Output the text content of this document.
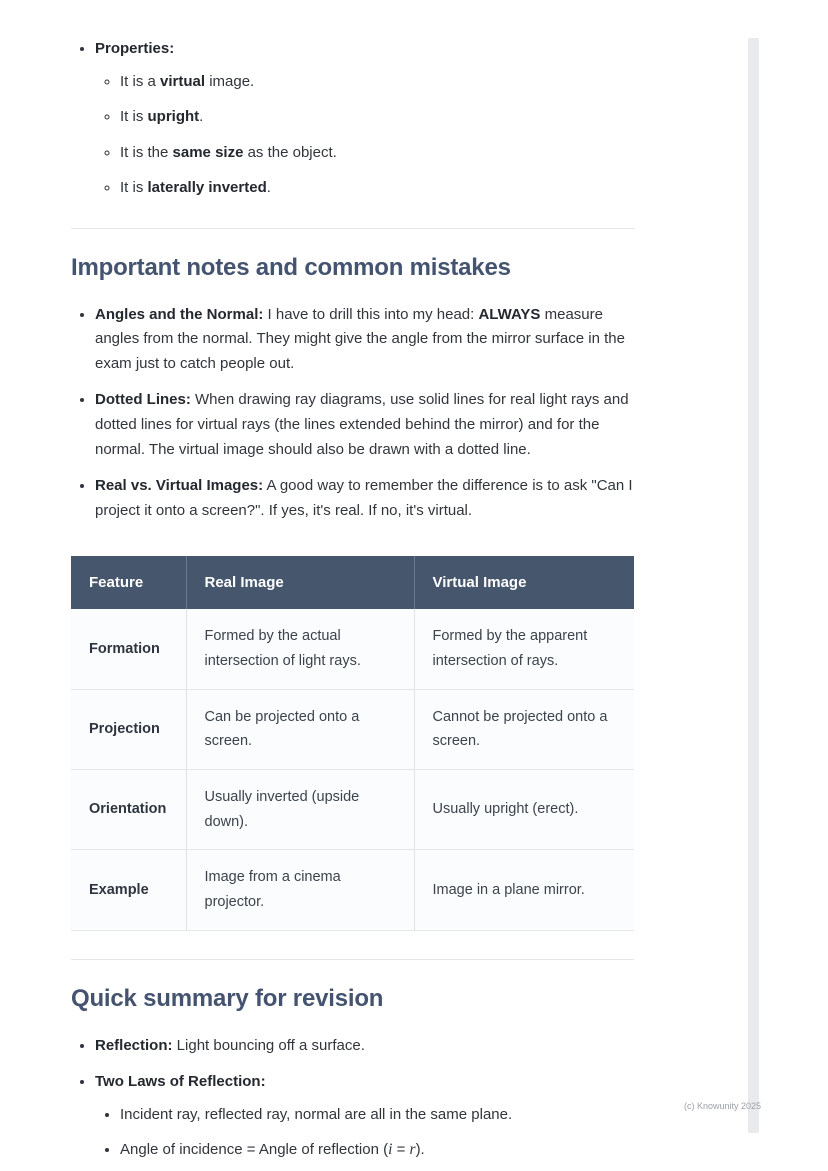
• Properties:
◦ It is a virtual image.
◦ It is upright.
◦ It is the same size as the object.
◦ It is laterally inverted.
Important notes and common mistakes
• Angles and the Normal: I have to drill this into my head: ALWAYS measure angles from the normal. They might give the angle from the mirror surface in the exam just to catch people out.
• Dotted Lines: When drawing ray diagrams, use solid lines for real light rays and dotted lines for virtual rays (the lines extended behind the mirror) and for the normal. The virtual image should also be drawn with a dotted line.
• Real vs. Virtual Images: A good way to remember the difference is to ask "Can I project it onto a screen?". If yes, it's real. If no, it's virtual.
Feature	Real Image	Virtual Image
Formation	Formed by the actual intersection of light rays.	Formed by the apparent intersection of rays.
Projection	Can be projected onto a screen.	Cannot be projected onto a screen.
Orientation	Usually inverted (upside down).	Usually upright (erect).
Example	Image from a cinema projector.	Image in a plane mirror.
Quick summary for revision
• Reflection: Light bouncing off a surface.
• Two Laws of Reflection:
• Incident ray, reflected ray, normal are all in the same plane.
• Angle of incidence = Angle of reflection (i = r).
(c) Knowunity 2025
